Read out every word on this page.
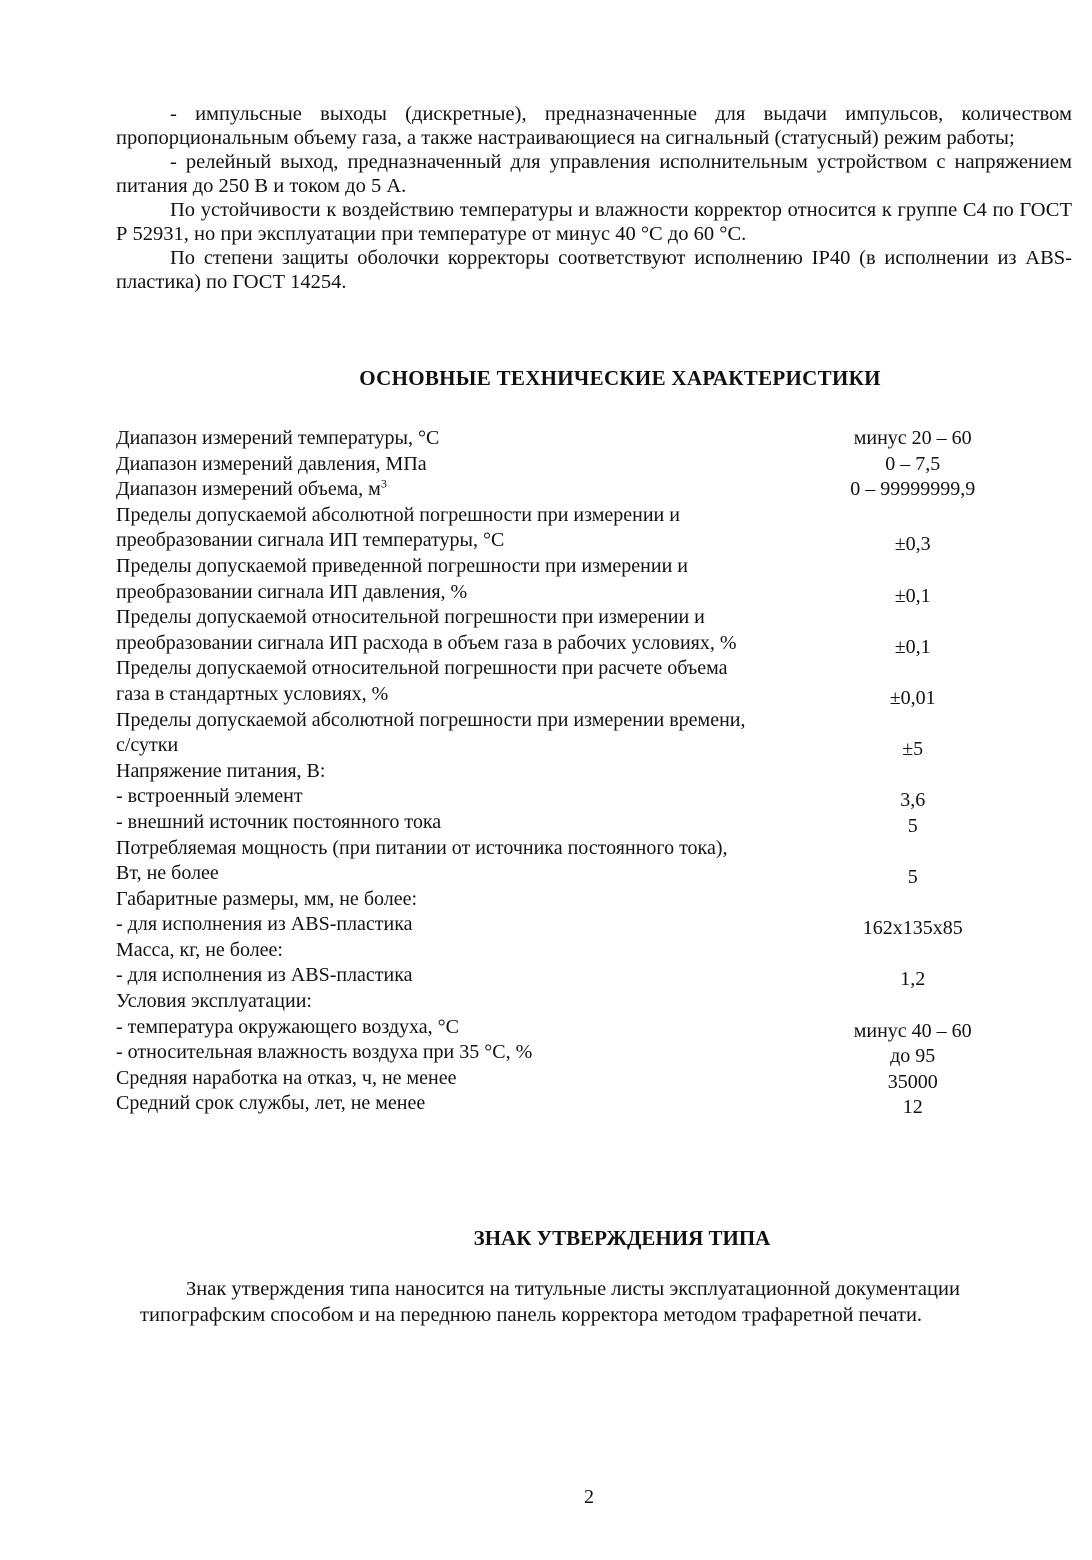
- импульсные выходы (дискретные), предназначенные для выдачи импульсов, количеством пропорциональным объему газа, а также настраивающиеся на сигнальный (статусный) режим работы;

- релейный выход, предназначенный для управления исполнительным устройством с напряжением питания до 250 В и током до 5 А.

По устойчивости к воздействию температуры и влажности корректор относится к группе С4 по ГОСТ Р 52931, но при эксплуатации при температуре от минус 40 °С до 60 °С.

По степени защиты оболочки корректоры соответствуют исполнению IP40 (в исполнении из ABS-пластика) по ГОСТ 14254.

ОСНОВНЫЕ ТЕХНИЧЕСКИЕ ХАРАКТЕРИСТИКИ
Диапазон измерений температуры, °С	минус 20 – 60
Диапазон измерений давления, МПа	0 – 7,5
Диапазон измерений объема, $м^3$	0 – 99999999,9
Пределы допускаемой абсолютной погрешности при измерении и преобразовании сигнала ИП температуры, °С	±0,3
Пределы допускаемой приведенной погрешности при измерении и преобразовании сигнала ИП давления, %	±0,1
Пределы допускаемой относительной погрешности при измерении и преобразовании сигнала ИП расхода в объем газа в рабочих условиях, %	±0,1
Пределы допускаемой относительной погрешности при расчете объема газа в стандартных условиях, %	±0,01
Пределы допускаемой абсолютной погрешности при измерении времени, с/сутки	±5
Напряжение питания, В:
- встроенный элемент	3,6
- внешний источник постоянного тока	5
Потребляемая мощность (при питании от источника постоянного тока), Вт, не более	5
Габаритные размеры, мм, не более:
- для исполнения из ABS-пластика	162x135x85
Масса, кг, не более:
- для исполнения из ABS-пластика	1,2
Условия эксплуатации:
- температура окружающего воздуха, °С	минус 40 – 60
- относительная влажность воздуха при 35 °С, %	до 95
Средняя наработка на отказ, ч, не менее	35000
Средний срок службы, лет, не менее	12
ЗНАК УТВЕРЖДЕНИЯ ТИПА

Знак утверждения типа наносится на титульные листы эксплуатационной документации типографским способом и на переднюю панель корректора методом трафаретной печати.

2
